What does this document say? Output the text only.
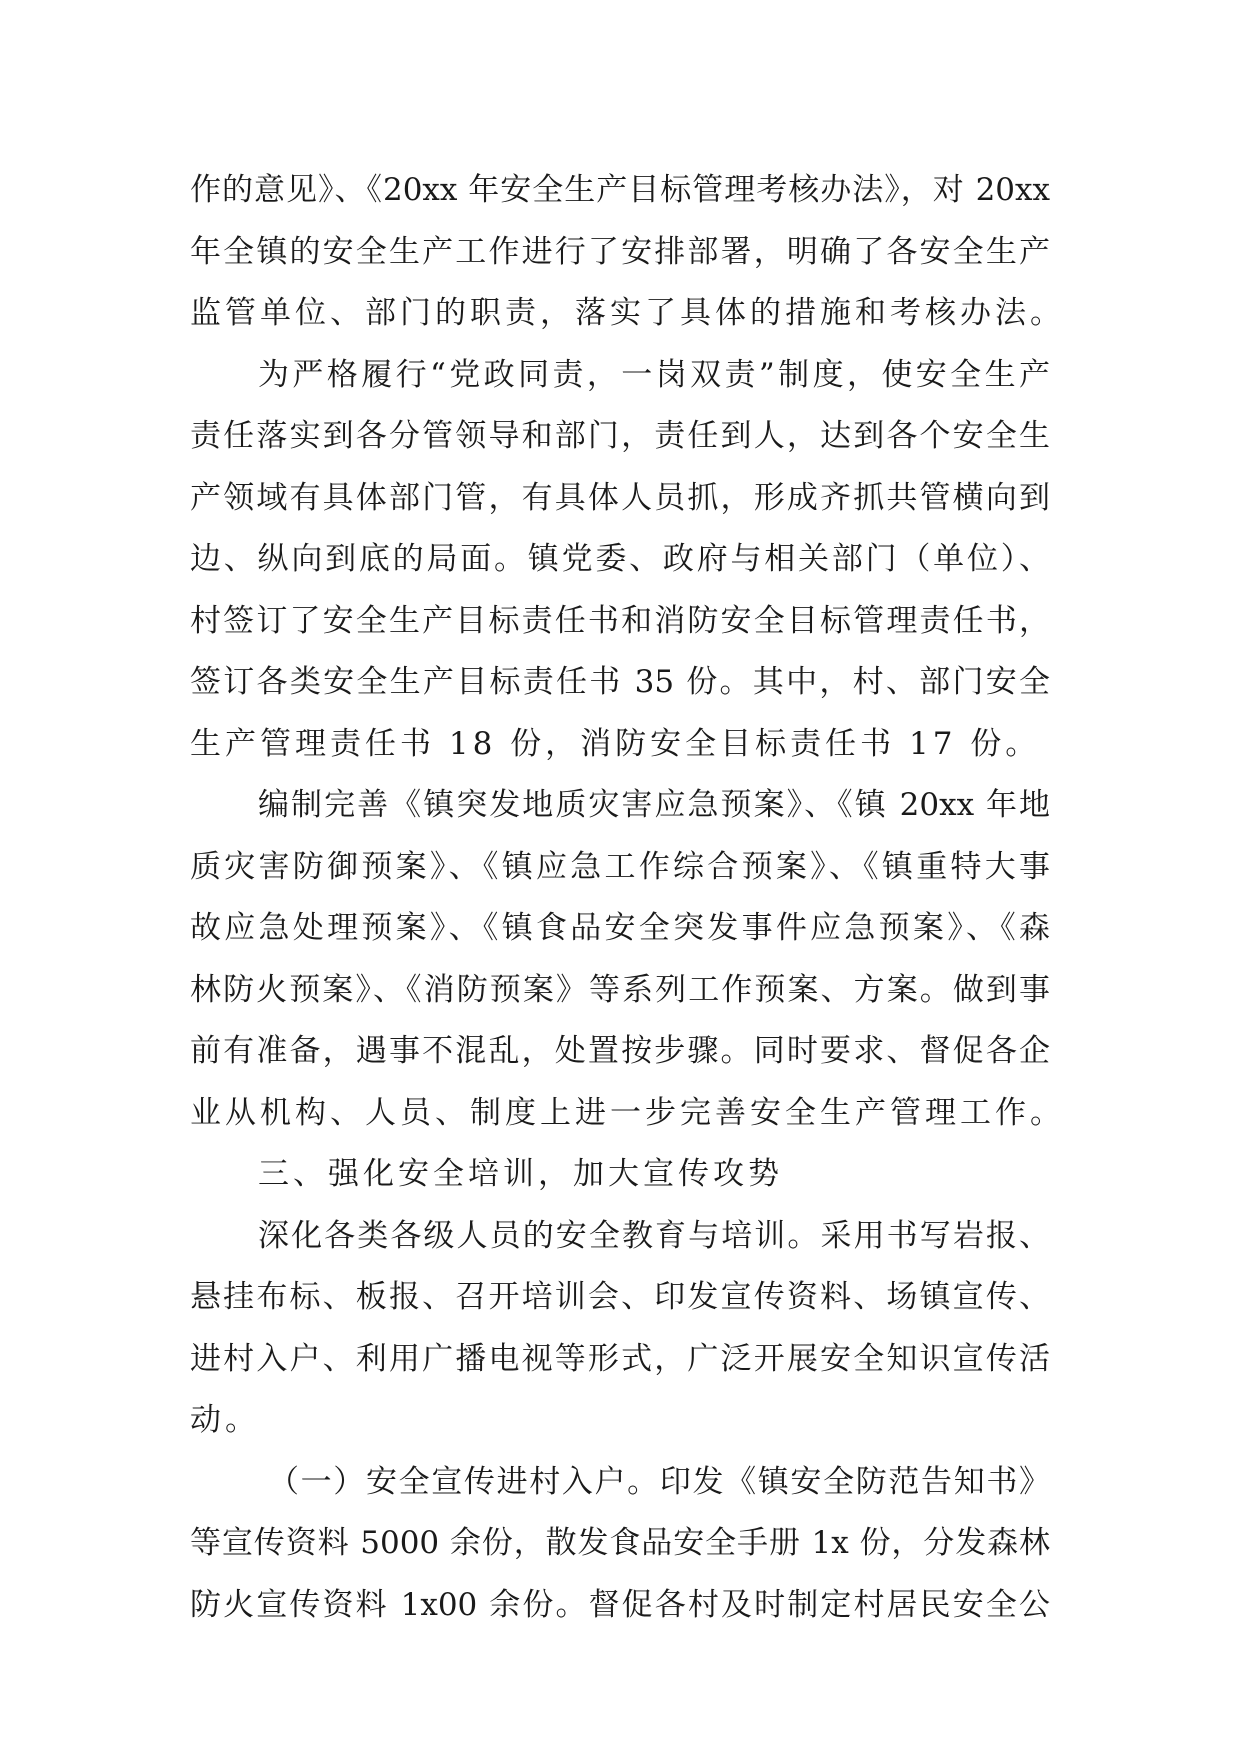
作的意见》、《20xx 年安全生产目标管理考核办法》，对 20xx
年全镇的安全生产工作进行了安排部署，明确了各安全生产
监管单位、部门的职责，落实了具体的措施和考核办法。
为严格履行“党政同责，一岗双责”制度，使安全生产
责任落实到各分管领导和部门，责任到人，达到各个安全生
产领域有具体部门管，有具体人员抓，形成齐抓共管横向到
边、纵向到底的局面。镇党委、政府与相关部门（单位）、
村签订了安全生产目标责任书和消防安全目标管理责任书，
签订各类安全生产目标责任书 35 份。其中，村、部门安全
生产管理责任书 18 份，消防安全目标责任书 17 份。
编制完善《镇突发地质灾害应急预案》、《镇 20xx 年地
质灾害防御预案》、《镇应急工作综合预案》、《镇重特大事
故应急处理预案》、《镇食品安全突发事件应急预案》、《森
林防火预案》、《消防预案》等系列工作预案、方案。做到事
前有准备，遇事不混乱，处置按步骤。同时要求、督促各企
业从机构、人员、制度上进一步完善安全生产管理工作。
三、强化安全培训，加大宣传攻势
深化各类各级人员的安全教育与培训。采用书写岩报、
悬挂布标、板报、召开培训会、印发宣传资料、场镇宣传、
进村入户、利用广播电视等形式，广泛开展安全知识宣传活
动。
（一）安全宣传进村入户。印发《镇安全防范告知书》
等宣传资料 5000 余份，散发食品安全手册 1x 份，分发森林
防火宣传资料 1x00 余份。督促各村及时制定村居民安全公
